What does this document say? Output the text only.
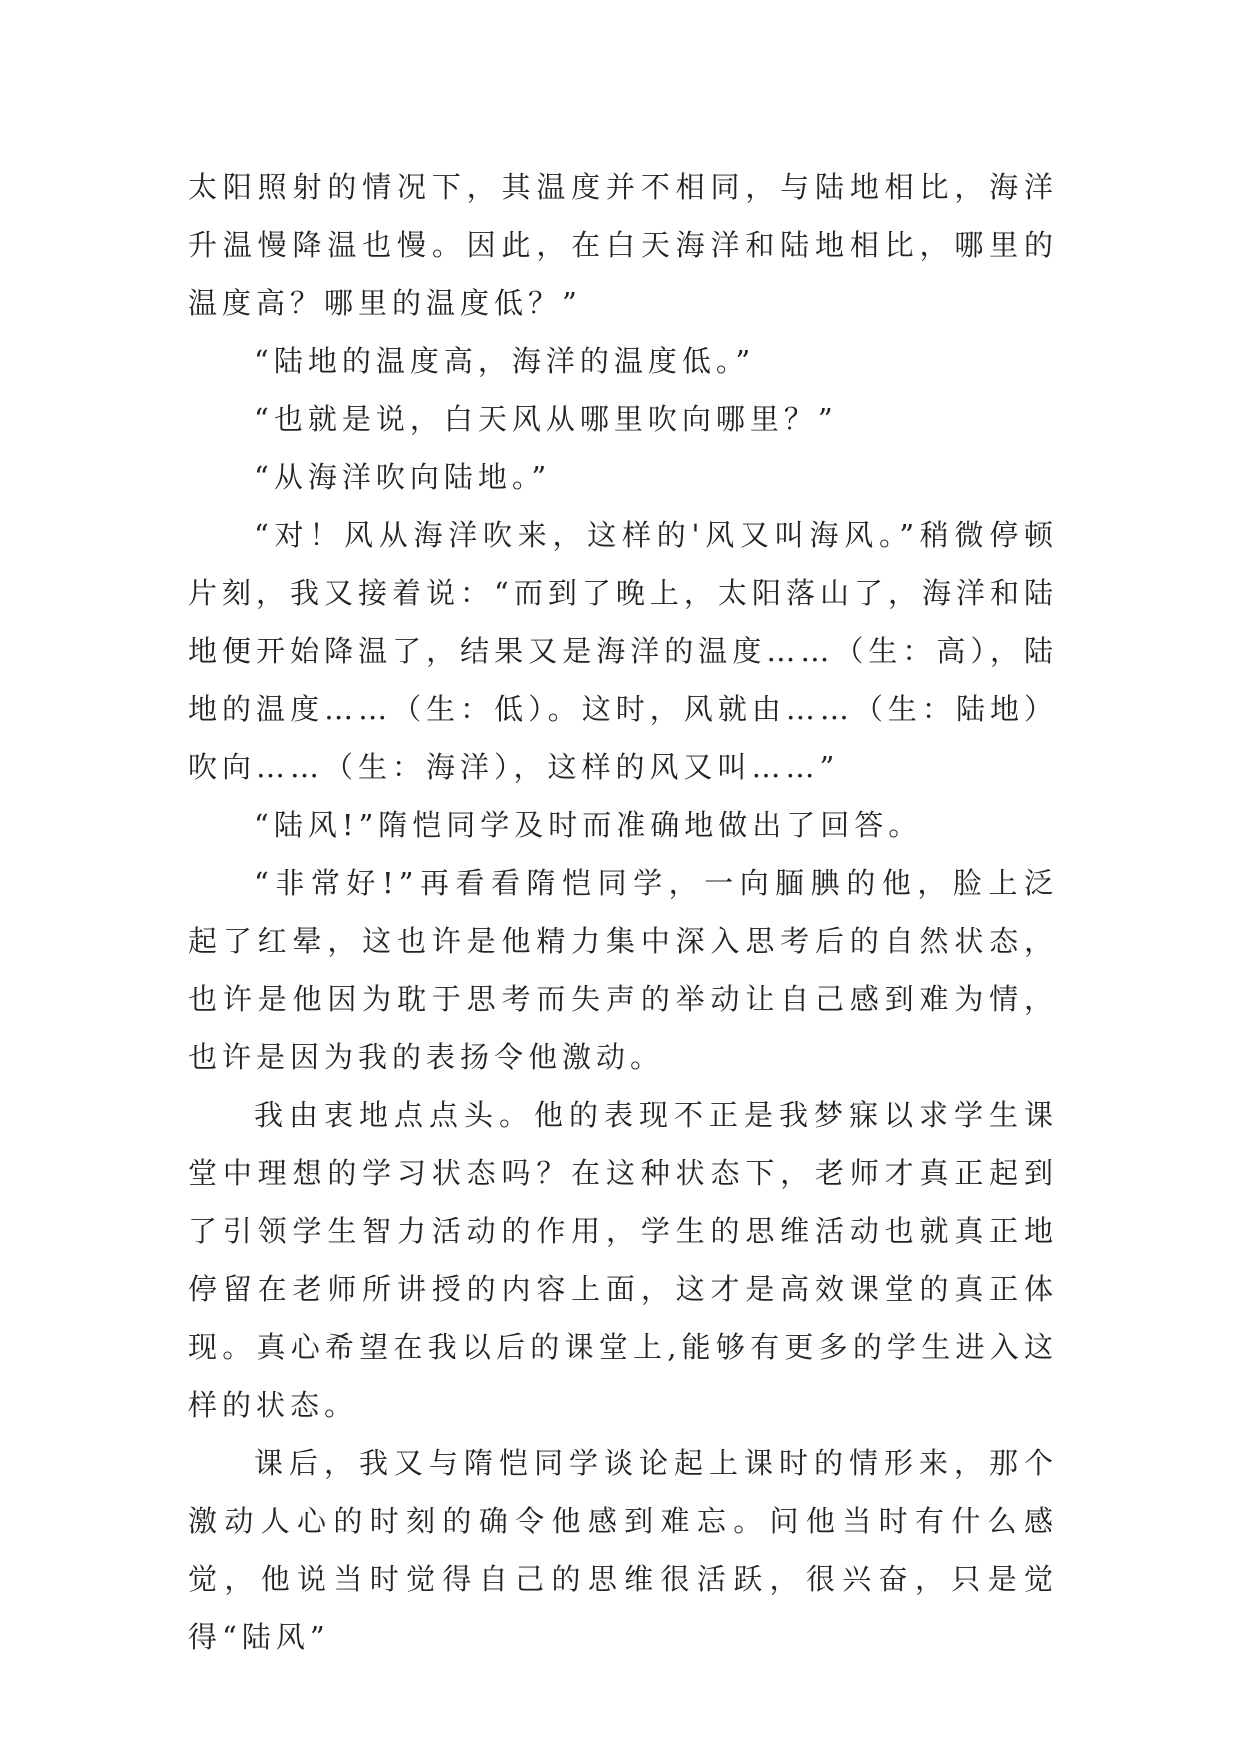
太阳照射的情况下，其温度并不相同，与陆地相比，海洋升温慢降温也慢。因此，在白天海洋和陆地相比，哪里的温度高？哪里的温度低？”

“陆地的温度高，海洋的温度低。”

“也就是说，白天风从哪里吹向哪里？”

“从海洋吹向陆地。”

“对！风从海洋吹来，这样的'风又叫海风。”稍微停顿片刻，我又接着说：“而到了晚上，太阳落山了，海洋和陆地便开始降温了，结果又是海洋的温度……（生：高），陆地的温度……（生：低）。这时，风就由……（生：陆地）吹向……（生：海洋），这样的风又叫……”

“陆风!”隋恺同学及时而准确地做出了回答。

“非常好!”再看看隋恺同学，一向腼腆的他，脸上泛起了红晕，这也许是他精力集中深入思考后的自然状态，也许是他因为耽于思考而失声的举动让自己感到难为情，也许是因为我的表扬令他激动。

我由衷地点点头。他的表现不正是我梦寐以求学生课堂中理想的学习状态吗？在这种状态下，老师才真正起到了引领学生智力活动的作用，学生的思维活动也就真正地停留在老师所讲授的内容上面，这才是高效课堂的真正体现。真心希望在我以后的课堂上,能够有更多的学生进入这样的状态。

课后，我又与隋恺同学谈论起上课时的情形来，那个激动人心的时刻的确令他感到难忘。问他当时有什么感觉，他说当时觉得自己的思维很活跃，很兴奋，只是觉得“陆风”
